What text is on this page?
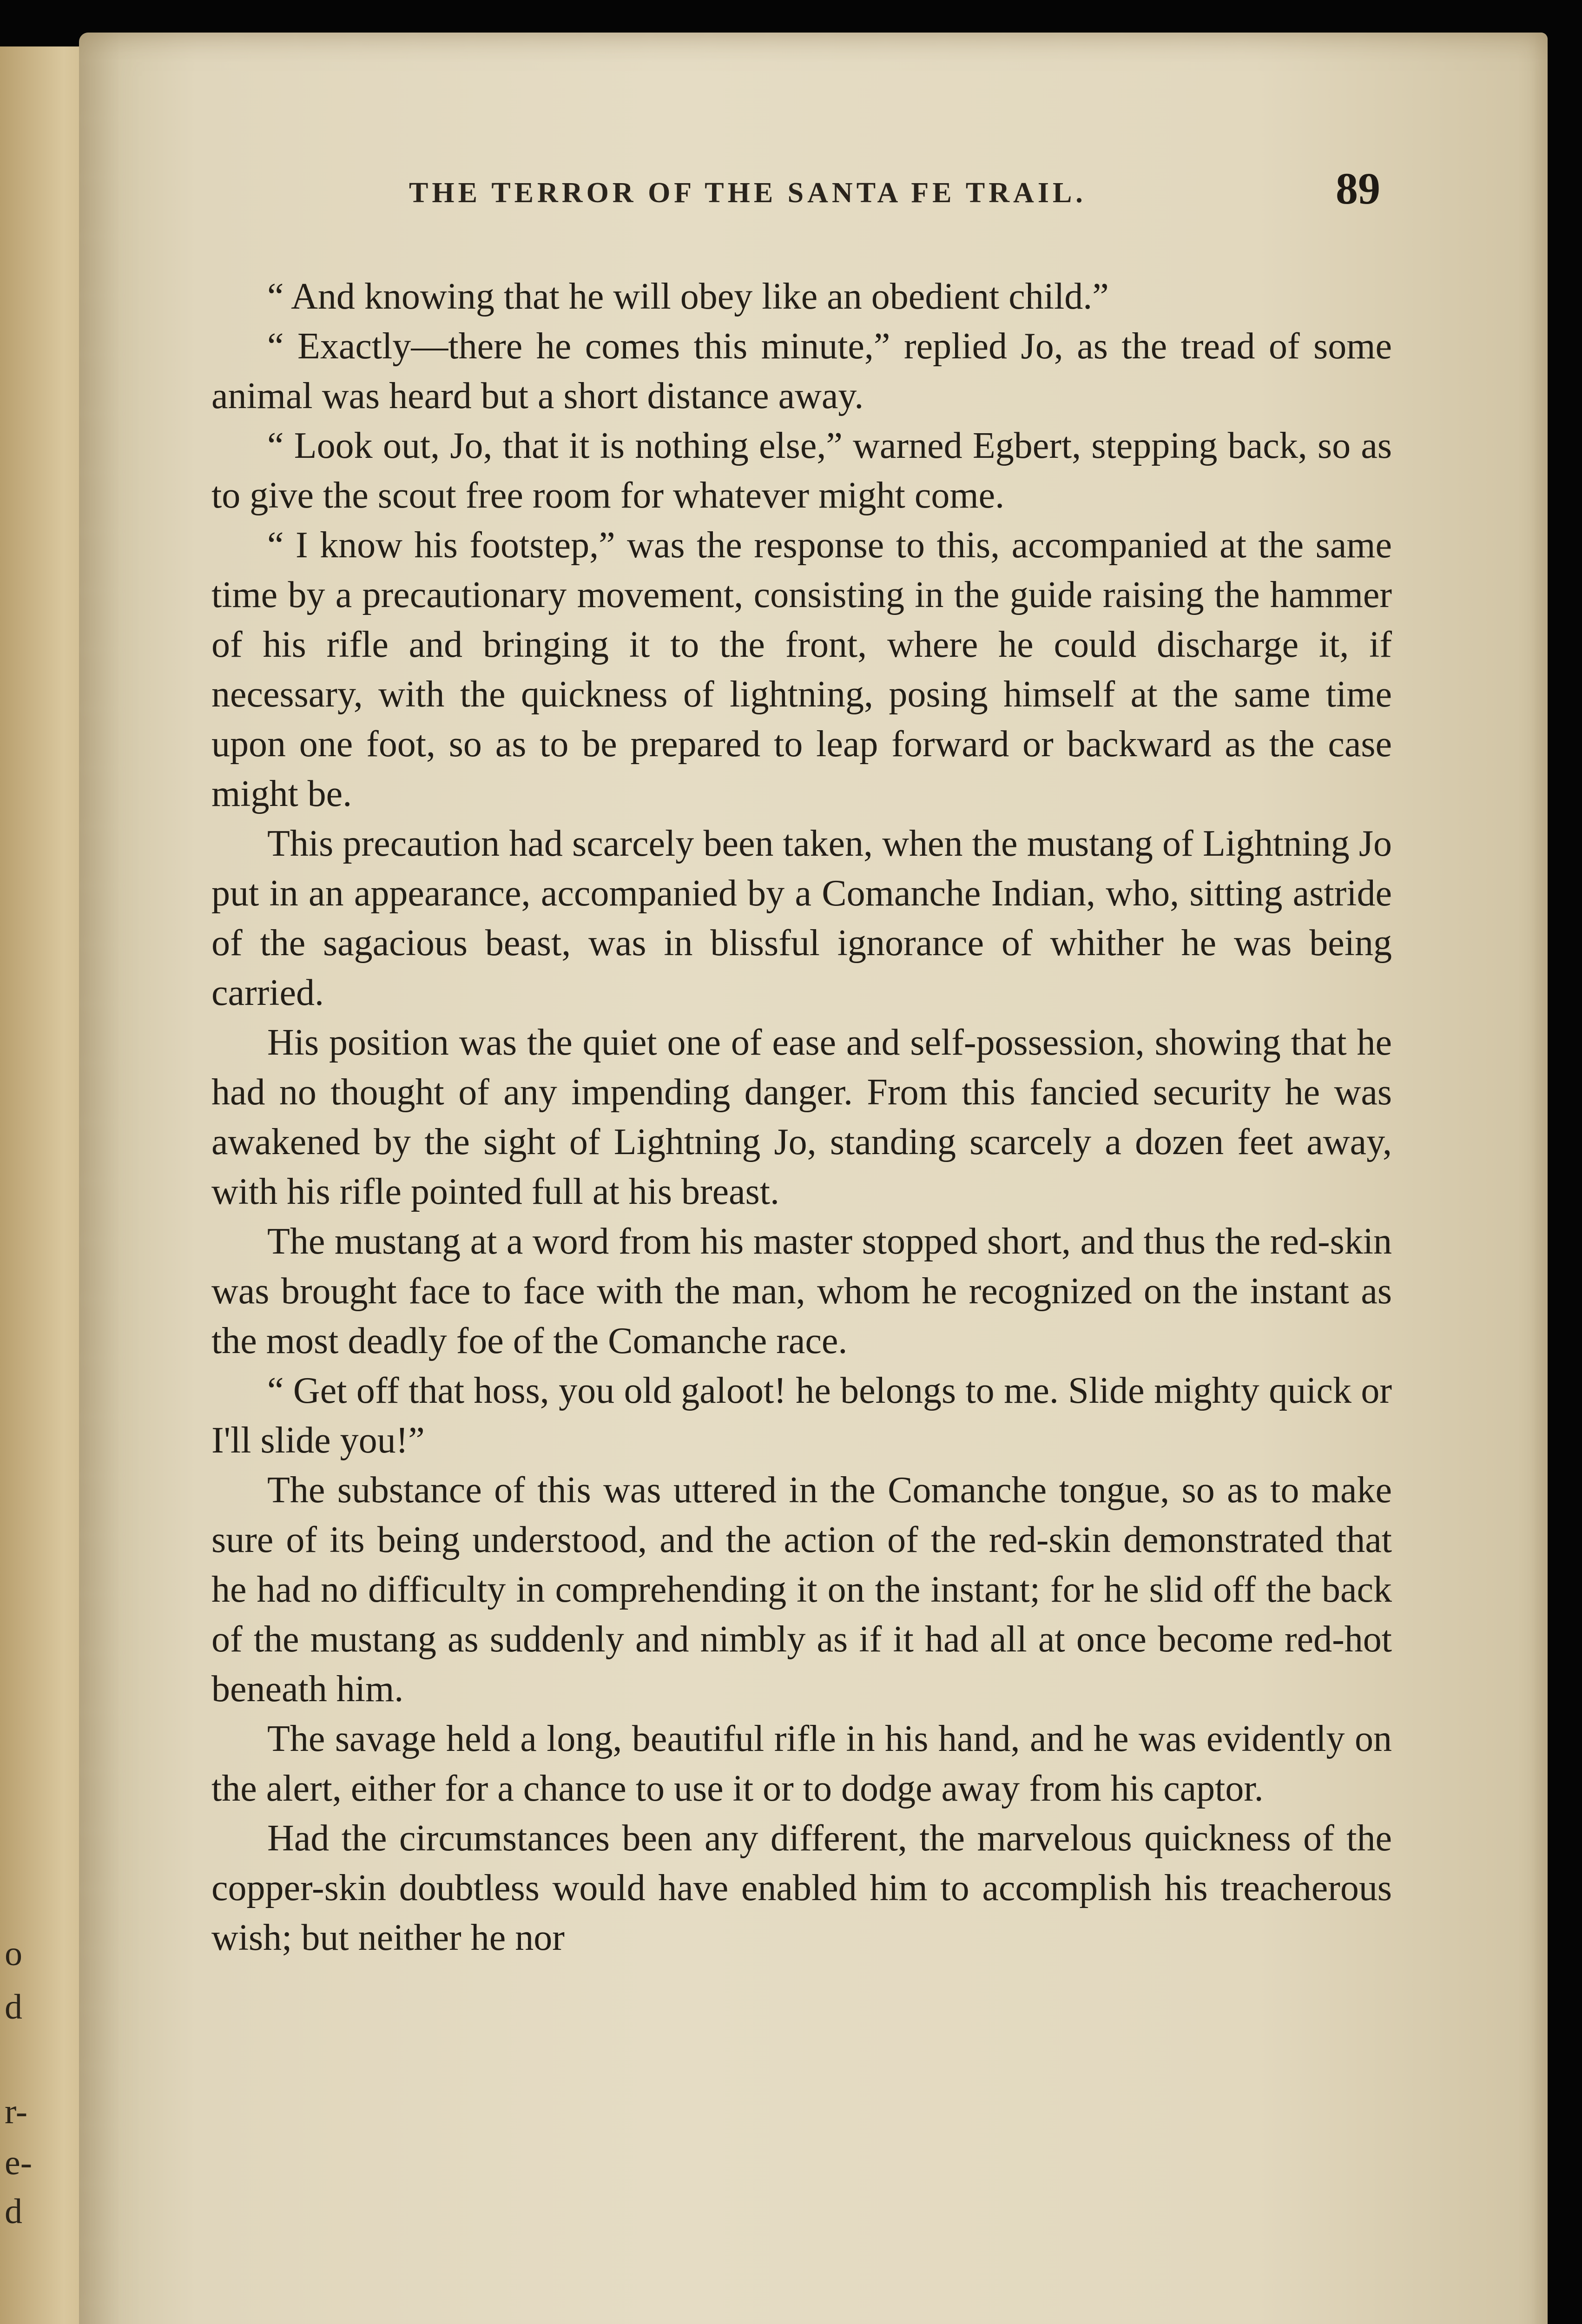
o
d
r-
e-
d
THE TERROR OF THE SANTA FE TRAIL.	89

“ And knowing that he will obey like an obedient child.”

“ Exactly—there he comes this minute,” replied Jo, as the tread of some animal was heard but a short distance away.

“ Look out, Jo, that it is nothing else,” warned Egbert, stepping back, so as to give the scout free room for whatever might come.

“ I know his footstep,” was the response to this, accompanied at the same time by a precautionary movement, consisting in the guide raising the hammer of his rifle and bringing it to the front, where he could discharge it, if necessary, with the quickness of lightning, posing himself at the same time upon one foot, so as to be prepared to leap forward or backward as the case might be.

This precaution had scarcely been taken, when the mustang of Lightning Jo put in an appearance, accompanied by a Comanche Indian, who, sitting astride of the sagacious beast, was in blissful ignorance of whither he was being carried.

His position was the quiet one of ease and self-possession, showing that he had no thought of any impending danger. From this fancied security he was awakened by the sight of Lightning Jo, standing scarcely a dozen feet away, with his rifle pointed full at his breast.

The mustang at a word from his master stopped short, and thus the red-skin was brought face to face with the man, whom he recognized on the instant as the most deadly foe of the Comanche race.

“ Get off that hoss, you old galoot! he belongs to me. Slide mighty quick or I'll slide you!”

The substance of this was uttered in the Comanche tongue, so as to make sure of its being understood, and the action of the red-skin demonstrated that he had no difficulty in comprehending it on the instant; for he slid off the back of the mustang as suddenly and nimbly as if it had all at once become red-hot beneath him.

The savage held a long, beautiful rifle in his hand, and he was evidently on the alert, either for a chance to use it or to dodge away from his captor.

Had the circumstances been any different, the marvelous quickness of the copper-skin doubtless would have enabled him to accomplish his treacherous wish; but neither he nor
